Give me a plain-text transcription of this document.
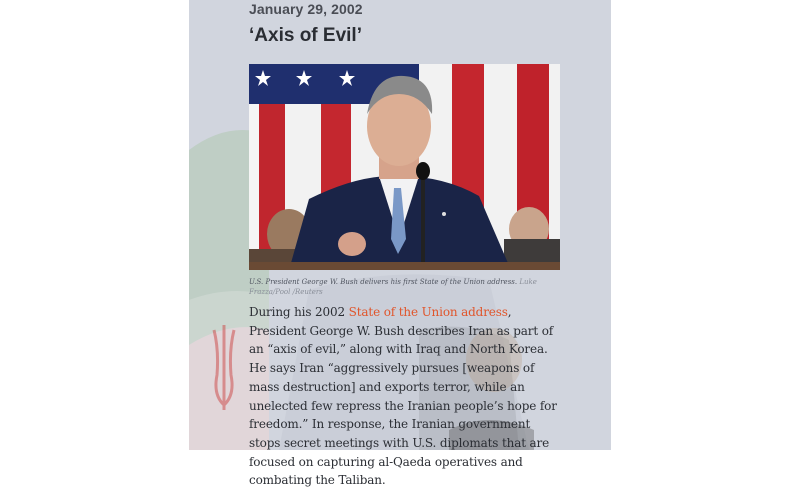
January 29, 2002
‘Axis of Evil’
U.S. President George W. Bush delivers his first State of the Union address. Luke Frazza/Pool /Reuters
During his 2002 State of the Union address, President George W. Bush describes Iran as part of an “axis of evil,” along with Iraq and North Korea. He says Iran “aggressively pursues [weapons of mass destruction] and exports terror, while an unelected few repress the Iranian people’s hope for freedom.” In response, the Iranian government stops secret meetings with U.S. diplomats that are focused on capturing al-Qaeda operatives and combating the Taliban.
